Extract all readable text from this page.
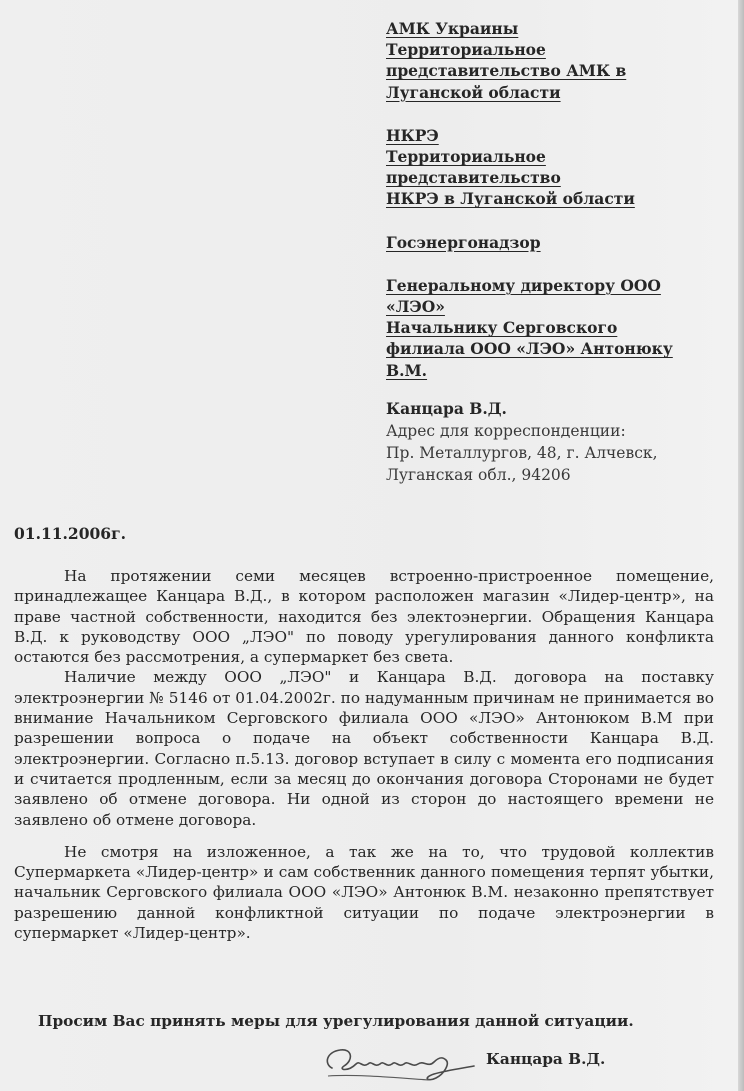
АМК Украины
Территориальное
представительство АМК в
Луганской области
НКРЭ
Территориальное
представительство
НКРЭ в Луганской области
Госэнергонадзор
Генеральному директору ООО
«ЛЭО»
Начальнику Серговского
филиала ООО «ЛЭО» Антонюку
В.М.
Канцара В.Д.
Адрес для корреспонденции:
Пр. Металлургов, 48, г. Алчевск,
Луганская обл., 94206
01.11.2006г.

На протяжении семи месяцев встроенно-пристроенное помещение, принадлежащее Канцара В.Д., в котором расположен магазин «Лидер-центр», на праве частной собственности, находится без электоэнергии. Обращения Канцара В.Д. к руководству ООО „ЛЭО" по поводу урегулирования данного конфликта остаются без рассмотрения, а супермаркет без света.

Наличие между ООО „ЛЭО" и Канцара В.Д. договора на поставку электроэнергии № 5146 от 01.04.2002г. по надуманным причинам не принимается во внимание Начальником Серговского филиала ООО «ЛЭО» Антонюком В.М при разрешении вопроса о подаче на объект собственности Канцара В.Д. электроэнергии. Согласно п.5.13. договор вступает в силу с момента его подписания и считается продленным, если за месяц до окончания договора Сторонами не будет заявлено об отмене договора. Ни одной из сторон до настоящего времени не заявлено об отмене договора.

Не смотря на изложенное, а так же на то, что трудовой коллектив Супермаркета «Лидер-центр» и сам собственник данного помещения терпят убытки, начальник Серговского филиала ООО «ЛЭО» Антонюк В.М. незаконно препятствует разрешению данной конфликтной ситуации по подаче электроэнергии в супермаркет «Лидер-центр».

Просим Вас принять меры для урегулирования данной ситуации.
Канцара В.Д.
